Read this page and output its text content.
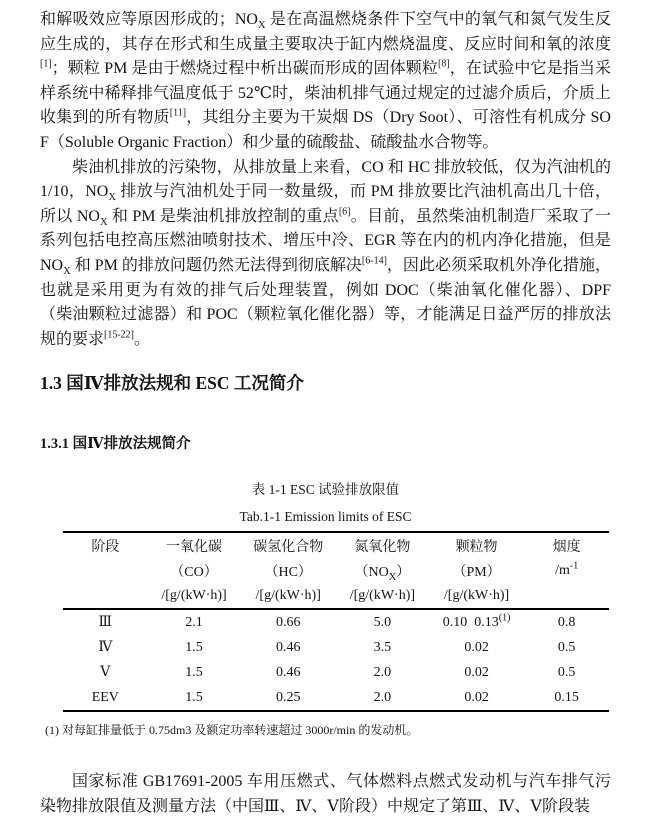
和解吸效应等原因形成的；$NO_X$ 是在高温燃烧条件下空气中的氧气和氮气发生反应生成的，其存在形式和生成量主要取决于缸内燃烧温度、反应时间和氧的浓度[1]；颗粒 PM 是由于燃烧过程中析出碳而形成的固体颗粒[8]，在试验中它是指当采样系统中稀释排气温度低于 52℃时，柴油机排气通过规定的过滤介质后，介质上收集到的所有物质[11]，其组分主要为干炭烟 DS（Dry Soot）、可溶性有机成分 SOF（Soluble Organic Fraction）和少量的硫酸盐、硫酸盐水合物等。

柴油机排放的污染物，从排放量上来看，CO 和 HC 排放较低，仅为汽油机的 1/10，$NO_X$ 排放与汽油机处于同一数量级，而 PM 排放要比汽油机高出几十倍，所以 $NO_X$ 和 PM 是柴油机排放控制的重点[6]。目前，虽然柴油机制造厂采取了一系列包括电控高压燃油喷射技术、增压中冷、EGR 等在内的机内净化措施，但是 $NO_X$ 和 PM 的排放问题仍然无法得到彻底解决[6-14]，因此必须采取机外净化措施，也就是采用更为有效的排气后处理装置，例如 DOC（柴油氧化催化器）、DPF（柴油颗粒过滤器）和 POC（颗粒氧化催化器）等，才能满足日益严厉的排放法规的要求[15-22]。

1.3 国Ⅳ排放法规和 ESC 工况简介
1.3.1 国Ⅳ排放法规简介
表 1-1 ESC 试验排放限值
Tab.1-1 Emission limits of ESC
阶段	一氧化碳	碳氢化合物	氮氧化物	颗粒物	烟度
	（CO）	（HC）	$(NO_X)$	（PM）	$/m^{-1}$
	/[g/(kW·h)]	/[g/(kW·h)]	/[g/(kW·h)]	/[g/(kW·h)]	
Ⅲ	2.1	0.66	5.0	0.10  0.13$^{(1)}$	0.8
Ⅳ	1.5	0.46	3.5	0.02	0.5
Ⅴ	1.5	0.46	2.0	0.02	0.5
EEV	1.5	0.25	2.0	0.02	0.15
(1) 对每缸排量低于 0.75dm3 及额定功率转速超过 3000r/min 的发动机。

国家标准 GB17691-2005 车用压燃式、气体燃料点燃式发动机与汽车排气污染物排放限值及测量方法（中国Ⅲ、Ⅳ、Ⅴ阶段）中规定了第Ⅲ、Ⅳ、Ⅴ阶段装
